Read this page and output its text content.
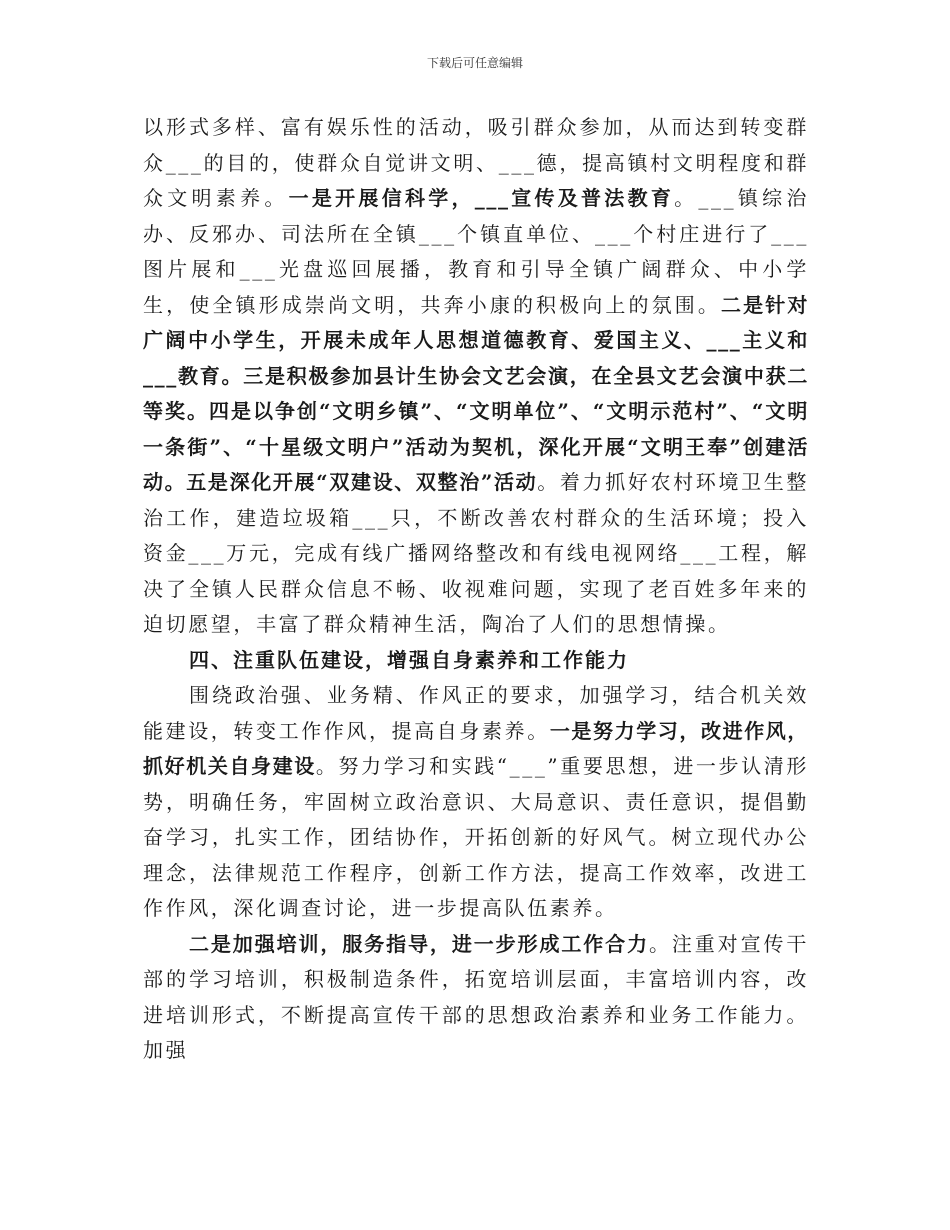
下载后可任意编辑

以形式多样、富有娱乐性的活动，吸引群众参加，从而达到转变群众___的目的，使群众自觉讲文明、___德，提高镇村文明程度和群众文明素养。一是开展信科学，___宣传及普法教育。___镇综治办、反邪办、司法所在全镇___个镇直单位、___个村庄进行了___图片展和___光盘巡回展播，教育和引导全镇广阔群众、中小学生，使全镇形成崇尚文明，共奔小康的积极向上的氛围。二是针对广阔中小学生，开展未成年人思想道德教育、爱国主义、___主义和___教育。三是积极参加县计生协会文艺会演，在全县文艺会演中获二等奖。四是以争创“文明乡镇”、“文明单位”、“文明示范村”、“文明一条街”、“十星级文明户”活动为契机，深化开展“文明王奉”创建活动。五是深化开展“双建设、双整治”活动。着力抓好农村环境卫生整治工作，建造垃圾箱___只，不断改善农村群众的生活环境；投入资金___万元，完成有线广播网络整改和有线电视网络___工程，解决了全镇人民群众信息不畅、收视难问题，实现了老百姓多年来的迫切愿望，丰富了群众精神生活，陶冶了人们的思想情操。

四、注重队伍建设，增强自身素养和工作能力

围绕政治强、业务精、作风正的要求，加强学习，结合机关效能建设，转变工作作风，提高自身素养。一是努力学习，改进作风，抓好机关自身建设。努力学习和实践“___”重要思想，进一步认清形势，明确任务，牢固树立政治意识、大局意识、责任意识，提倡勤奋学习，扎实工作，团结协作，开拓创新的好风气。树立现代办公理念，法律规范工作程序，创新工作方法，提高工作效率，改进工作作风，深化调查讨论，进一步提高队伍素养。

二是加强培训，服务指导，进一步形成工作合力。注重对宣传干部的学习培训，积极制造条件，拓宽培训层面，丰富培训内容，改进培训形式，不断提高宣传干部的思想政治素养和业务工作能力。加强
